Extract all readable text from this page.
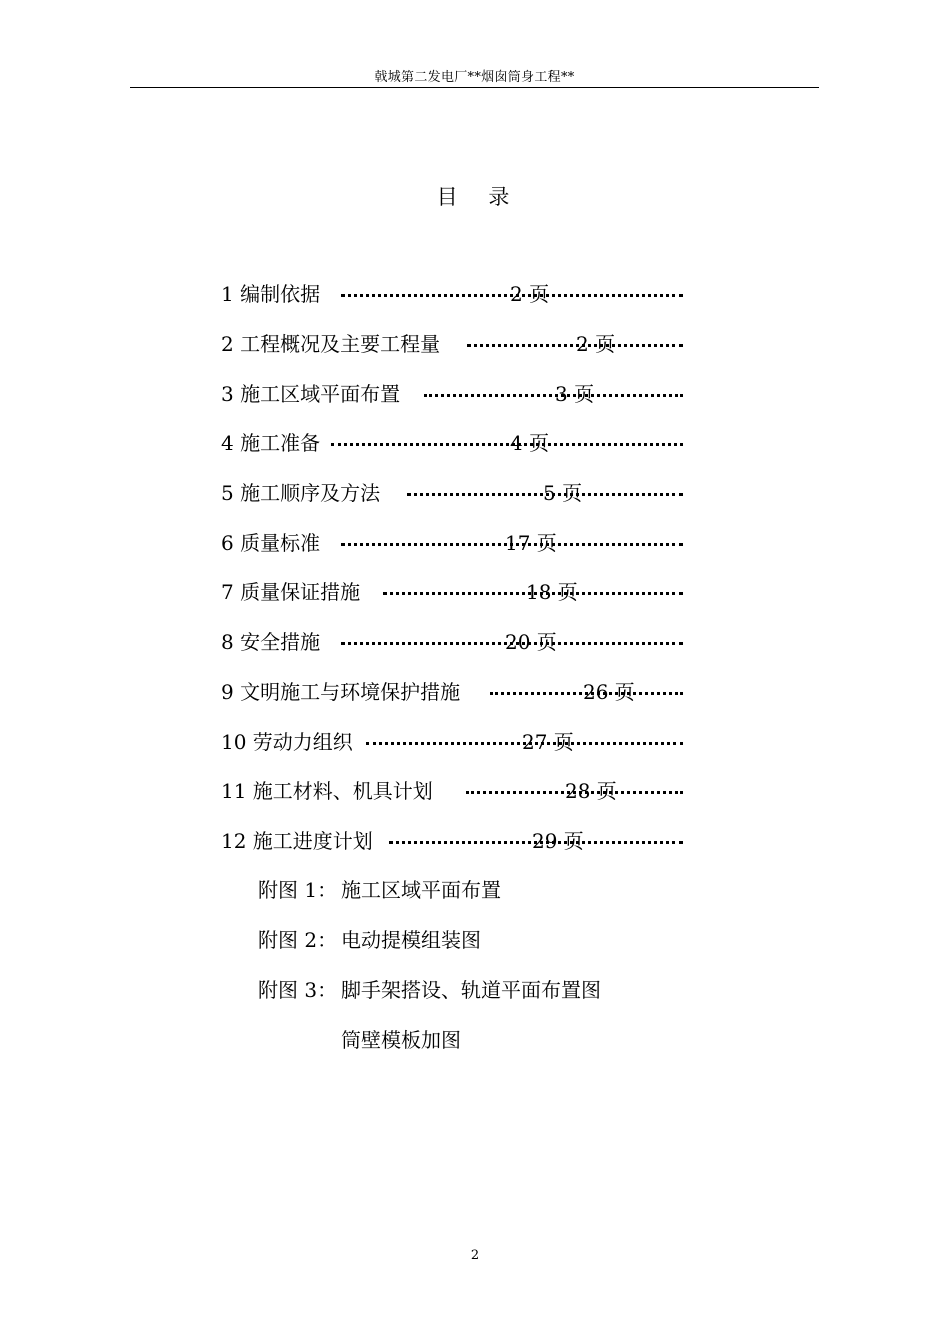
戟城第二发电厂**烟囱筒身工程**
目 录
1 编制依据	2 页
2 工程概况及主要工程量	2 页
3 施工区域平面布置	3 页
4 施工准备	4 页
5 施工顺序及方法	5 页
6 质量标准	17 页
7 质量保证措施	18 页
8 安全措施	20 页
9 文明施工与环境保护措施	26 页
10 劳动力组织	27 页
11 施工材料、机具计划	28 页
12 施工进度计划	29 页
附图 1： 施工区域平面布置
附图 2： 电动提模组装图
附图 3： 脚手架搭设、轨道平面布置图
筒壁模板加图
2
